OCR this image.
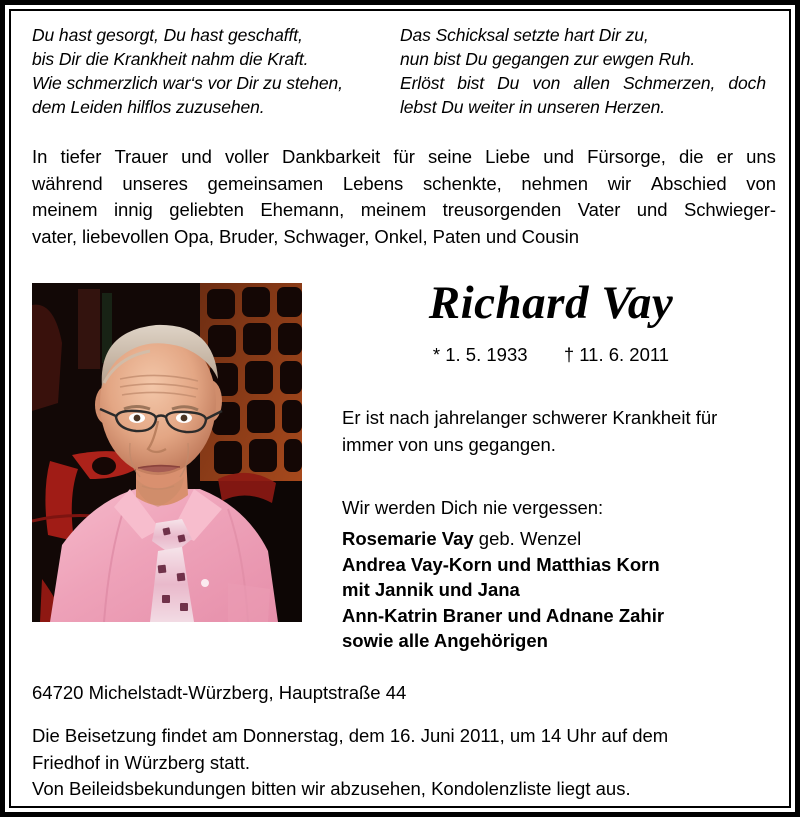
Du hast gesorgt, Du hast geschafft,
bis Dir die Krankheit nahm die Kraft.
Wie schmerzlich war‘s vor Dir zu stehen,
dem Leiden hilflos zuzusehen.
Das Schicksal setzte hart Dir zu,
nun bist Du gegangen zur ewgen Ruh.
Erlöst bist Du von allen Schmerzen, doch
lebst Du weiter in unseren Herzen.
In tiefer Trauer und voller Dankbarkeit für seine Liebe und Fürsorge, die er uns
während unseres gemeinsamen Lebens schenkte, nehmen wir Abschied von
meinem innig geliebten Ehemann, meinem treusorgenden Vater und Schwieger-
vater, liebevollen Opa, Bruder, Schwager, Onkel, Paten und Cousin
Richard Vay
* 1. 5. 1933 † 11. 6. 2011
Er ist nach jahrelanger schwerer Krankheit für
immer von uns gegangen.
Wir werden Dich nie vergessen:
Rosemarie Vay geb. Wenzel
Andrea Vay-Korn und Matthias Korn
mit Jannik und Jana
Ann-Katrin Braner und Adnane Zahir
sowie alle Angehörigen
64720 Michelstadt-Würzberg, Hauptstraße 44
Die Beisetzung findet am Donnerstag, dem 16. Juni 2011, um 14 Uhr auf dem
Friedhof in Würzberg statt.
Von Beileidsbekundungen bitten wir abzusehen, Kondolenzliste liegt aus.
